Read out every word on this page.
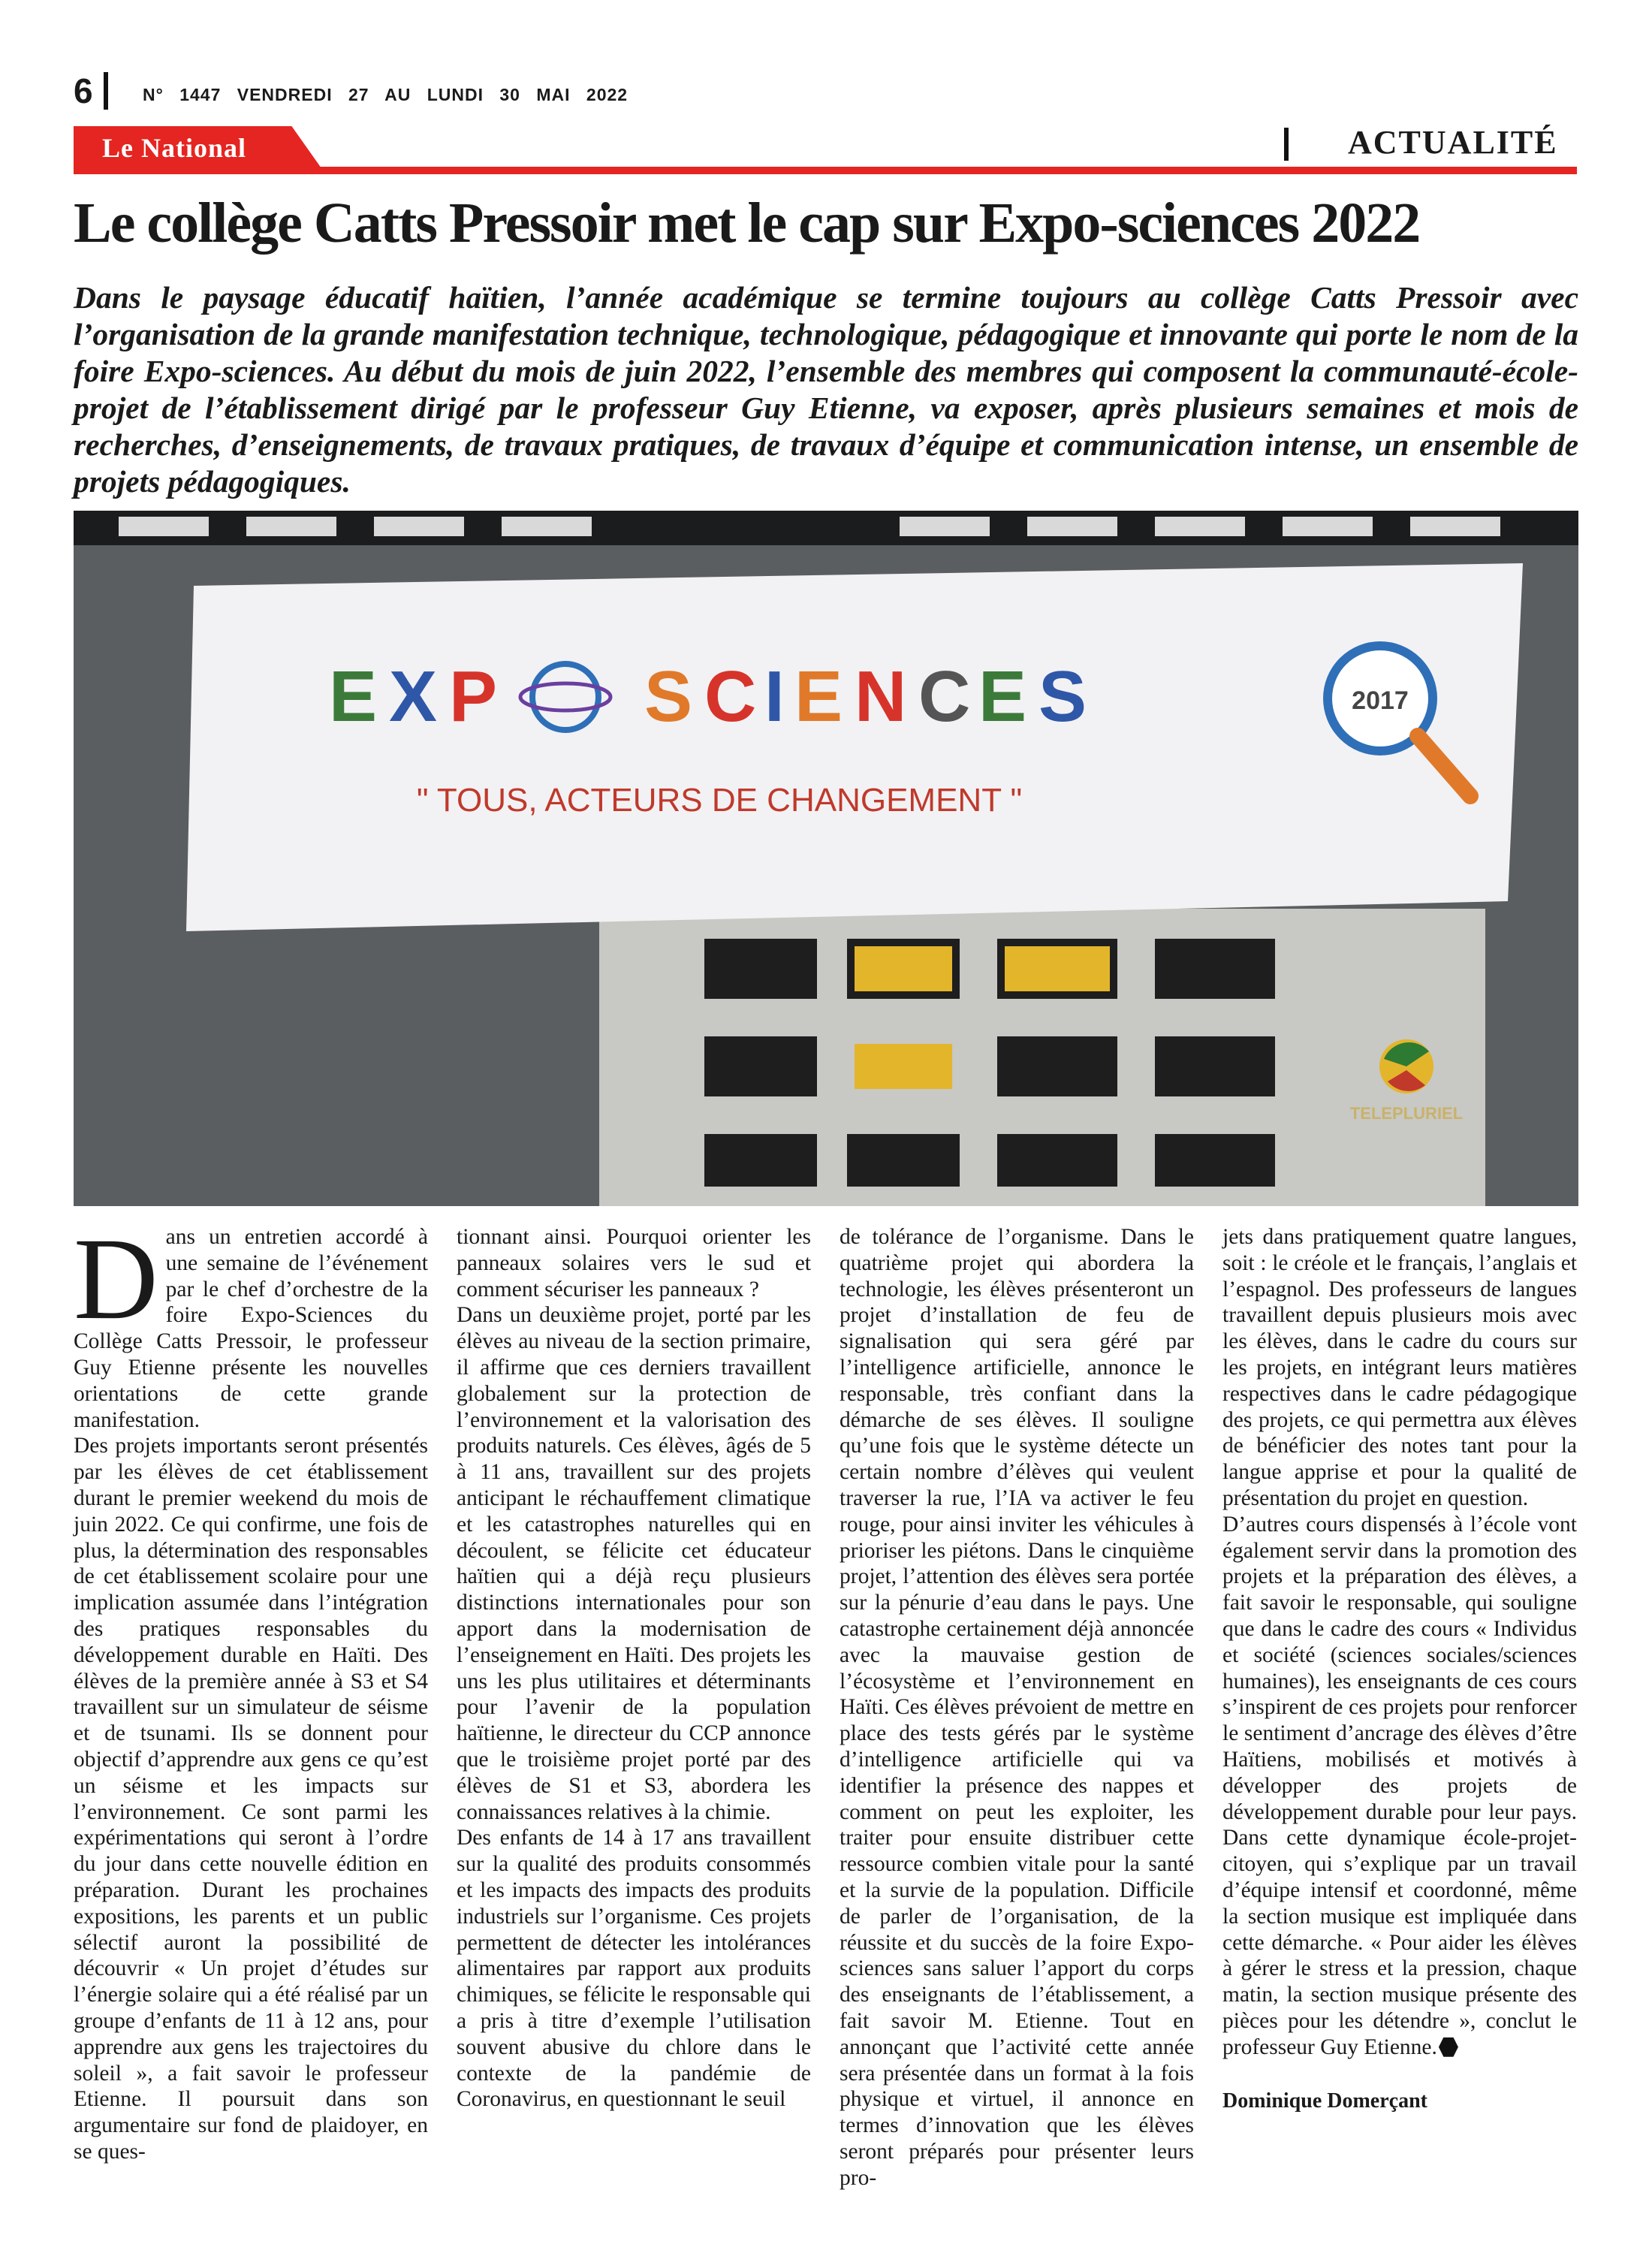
6	N° 1447 VENDREDI 27 AU LUNDI 30 MAI 2022
Le National	ACTUALITÉ
Le collège Catts Pressoir met le cap sur Expo-sciences 2022

Dans le paysage éducatif haïtien, l’année académique se termine toujours au collège Catts Pressoir avec l’organisation de la grande manifestation technique, technologique, pédagogique et innovante qui porte le nom de la foire Expo-sciences. Au début du mois de juin 2022, l’ensemble des membres qui composent la communauté-école-projet de l’établissement dirigé par le professeur Guy Etienne, va exposer, après plusieurs semaines et mois de recherches, d’enseignements, de travaux pratiques, de travaux d’équipe et communication intense, un ensemble de projets pédagogiques.

E X P S C I E N C E S	2017
" TOUS, ACTEURS DE CHANGEMENT "
TELEPLURIEL
D ans un entretien accordé à une semaine de l’événement par le chef d’orchestre de la foire Expo-Sciences du Collège Catts Pressoir, le professeur Guy Etienne présente les nouvelles orientations de cette grande manifestation.

Des projets importants seront présentés par les élèves de cet établissement durant le premier weekend du mois de juin 2022. Ce qui confirme, une fois de plus, la détermination des responsables de cet établissement scolaire pour une implication assumée dans l’intégration des pratiques responsables du développement durable en Haïti. Des élèves de la première année à S3 et S4 travaillent sur un simulateur de séisme et de tsunami. Ils se donnent pour objectif d’apprendre aux gens ce qu’est un séisme et les impacts sur l’environnement. Ce sont parmi les expérimentations qui seront à l’ordre du jour dans cette nouvelle édition en préparation. Durant les prochaines expositions, les parents et un public sélectif auront la possibilité de découvrir « Un projet d’études sur l’énergie solaire qui a été réalisé par un groupe d’enfants de 11 à 12 ans, pour apprendre aux gens les trajectoires du soleil », a fait savoir le professeur Etienne. Il poursuit dans son argumentaire sur fond de plaidoyer, en se ques-

tionnant ainsi. Pourquoi orienter les panneaux solaires vers le sud et comment sécuriser les panneaux ?

Dans un deuxième projet, porté par les élèves au niveau de la section primaire, il affirme que ces derniers travaillent globalement sur la protection de l’environnement et la valorisation des produits naturels. Ces élèves, âgés de 5 à 11 ans, travaillent sur des projets anticipant le réchauffement climatique et les catastrophes naturelles qui en découlent, se félicite cet éducateur haïtien qui a déjà reçu plusieurs distinctions internationales pour son apport dans la modernisation de l’enseignement en Haïti. Des projets les uns les plus utilitaires et déterminants pour l’avenir de la population haïtienne, le directeur du CCP annonce que le troisième projet porté par des élèves de S1 et S3, abordera les connaissances relatives à la chimie.

Des enfants de 14 à 17 ans travaillent sur la qualité des produits consommés et les impacts des impacts des produits industriels sur l’organisme. Ces projets permettent de détecter les intolérances alimentaires par rapport aux produits chimiques, se félicite le responsable qui a pris à titre d’exemple l’utilisation souvent abusive du chlore dans le contexte de la pandémie de Coronavirus, en questionnant le seuil

de tolérance de l’organisme. Dans le quatrième projet qui abordera la technologie, les élèves présenteront un projet d’installation de feu de signalisation qui sera géré par l’intelligence artificielle, annonce le responsable, très confiant dans la démarche de ses élèves. Il souligne qu’une fois que le système détecte un certain nombre d’élèves qui veulent traverser la rue, l’IA va activer le feu rouge, pour ainsi inviter les véhicules à prioriser les piétons. Dans le cinquième projet, l’attention des élèves sera portée sur la pénurie d’eau dans le pays. Une catastrophe certainement déjà annoncée avec la mauvaise gestion de l’écosystème et l’environnement en Haïti. Ces élèves prévoient de mettre en place des tests gérés par le système d’intelligence artificielle qui va identifier la présence des nappes et comment on peut les exploiter, les traiter pour ensuite distribuer cette ressource combien vitale pour la santé et la survie de la population. Difficile de parler de l’organisation, de la réussite et du succès de la foire Expo-sciences sans saluer l’apport du corps des enseignants de l’établissement, a fait savoir M. Etienne. Tout en annonçant que l’activité cette année sera présentée dans un format à la fois physique et virtuel, il annonce en termes d’innovation que les élèves seront préparés pour présenter leurs pro-

jets dans pratiquement quatre langues, soit : le créole et le français, l’anglais et l’espagnol. Des professeurs de langues travaillent depuis plusieurs mois avec les élèves, dans le cadre du cours sur les projets, en intégrant leurs matières respectives dans le cadre pédagogique des projets, ce qui permettra aux élèves de bénéficier des notes tant pour la langue apprise et pour la qualité de présentation du projet en question.

D’autres cours dispensés à l’école vont également servir dans la promotion des projets et la préparation des élèves, a fait savoir le responsable, qui souligne que dans le cadre des cours « Individus et société (sciences sociales/sciences humaines), les enseignants de ces cours s’inspirent de ces projets pour renforcer le sentiment d’ancrage des élèves d’être Haïtiens, mobilisés et motivés à développer des projets de développement durable pour leur pays. Dans cette dynamique école-projet-citoyen, qui s’explique par un travail d’équipe intensif et coordonné, même la section musique est impliquée dans cette démarche. « Pour aider les élèves à gérer le stress et la pression, chaque matin, la section musique présente des pièces pour les détendre », conclut le professeur Guy Etienne.

Dominique Domerçant
